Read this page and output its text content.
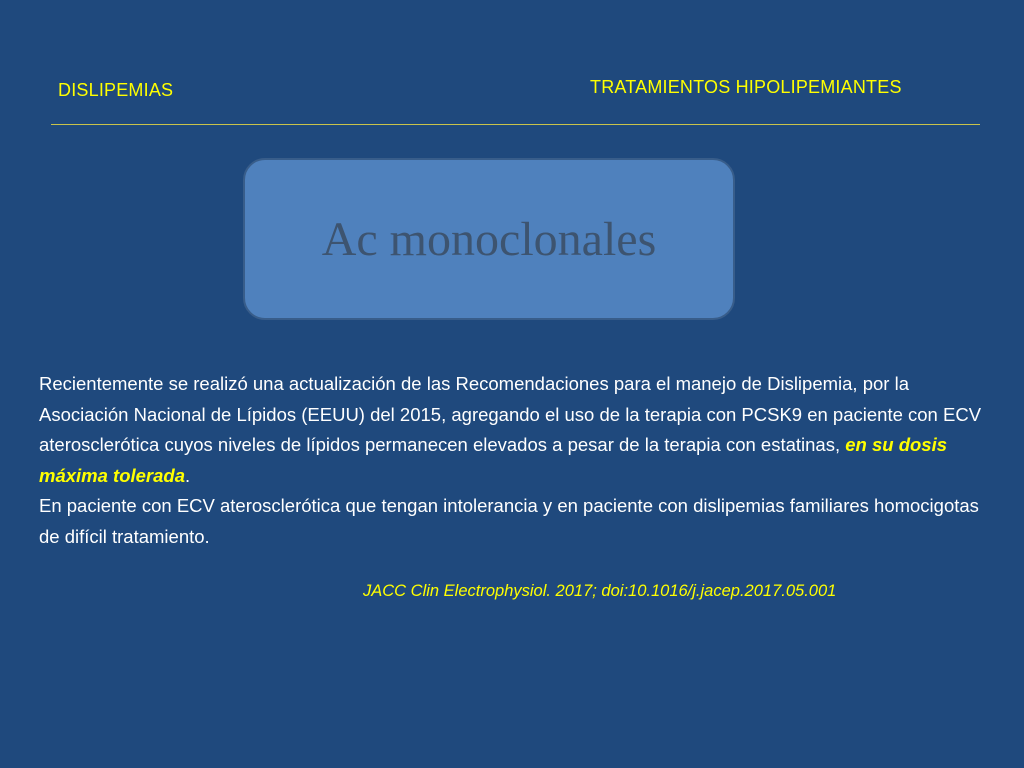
DISLIPEMIAS	TRATAMIENTOS HIPOLIPEMIANTES
Ac monoclonales

Recientemente se realizó una actualización de las Recomendaciones para el manejo de Dislipemia, por la Asociación Nacional de Lípidos (EEUU) del 2015, agregando el uso de la terapia con PCSK9 en paciente con ECV aterosclerótica cuyos niveles de lípidos permanecen elevados a pesar de la terapia con estatinas, en su dosis máxima tolerada.

En paciente con ECV aterosclerótica que tengan intolerancia y en paciente con dislipemias familiares homocigotas de difícil tratamiento.

JACC Clin Electrophysiol. 2017; doi:10.1016/j.jacep.2017.05.001
